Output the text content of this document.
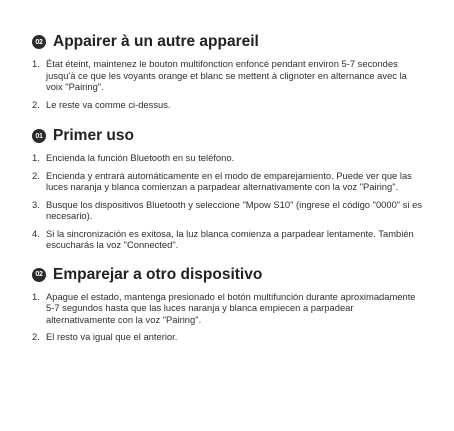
02 Appairer à un autre appareil
1. État éteint, maintenez le bouton multifonction enfoncé pendant environ 5-7 secondes jusqu'à ce que les voyants orange et blanc se mettent à clignoter en alternance avec la voix "Pairing".
2. Le reste va comme ci-dessus.
01 Primer uso
1. Encienda la función Bluetooth en su teléfono.
2. Encienda y entrará automáticamente en el modo de emparejamiento. Puede ver que las luces naranja y blanca comienzan a parpadear alternativamente con la voz "Pairing".
3. Busque los dispositivos Bluetooth y seleccione "Mpow S10" (ingrese el código "0000" si es necesario).
4. Si la sincronización es exitosa, la luz blanca comienza a parpadear lentamente. También escucharás la voz "Connected".
02 Emparejar a otro dispositivo
1. Apague el estado, mantenga presionado el botón multifunción durante aproximadamente 5-7 segundos hasta que las luces naranja y blanca empiecen a parpadear alternativamente con la voz "Pairing".
2. El resto va igual que el anterior.
